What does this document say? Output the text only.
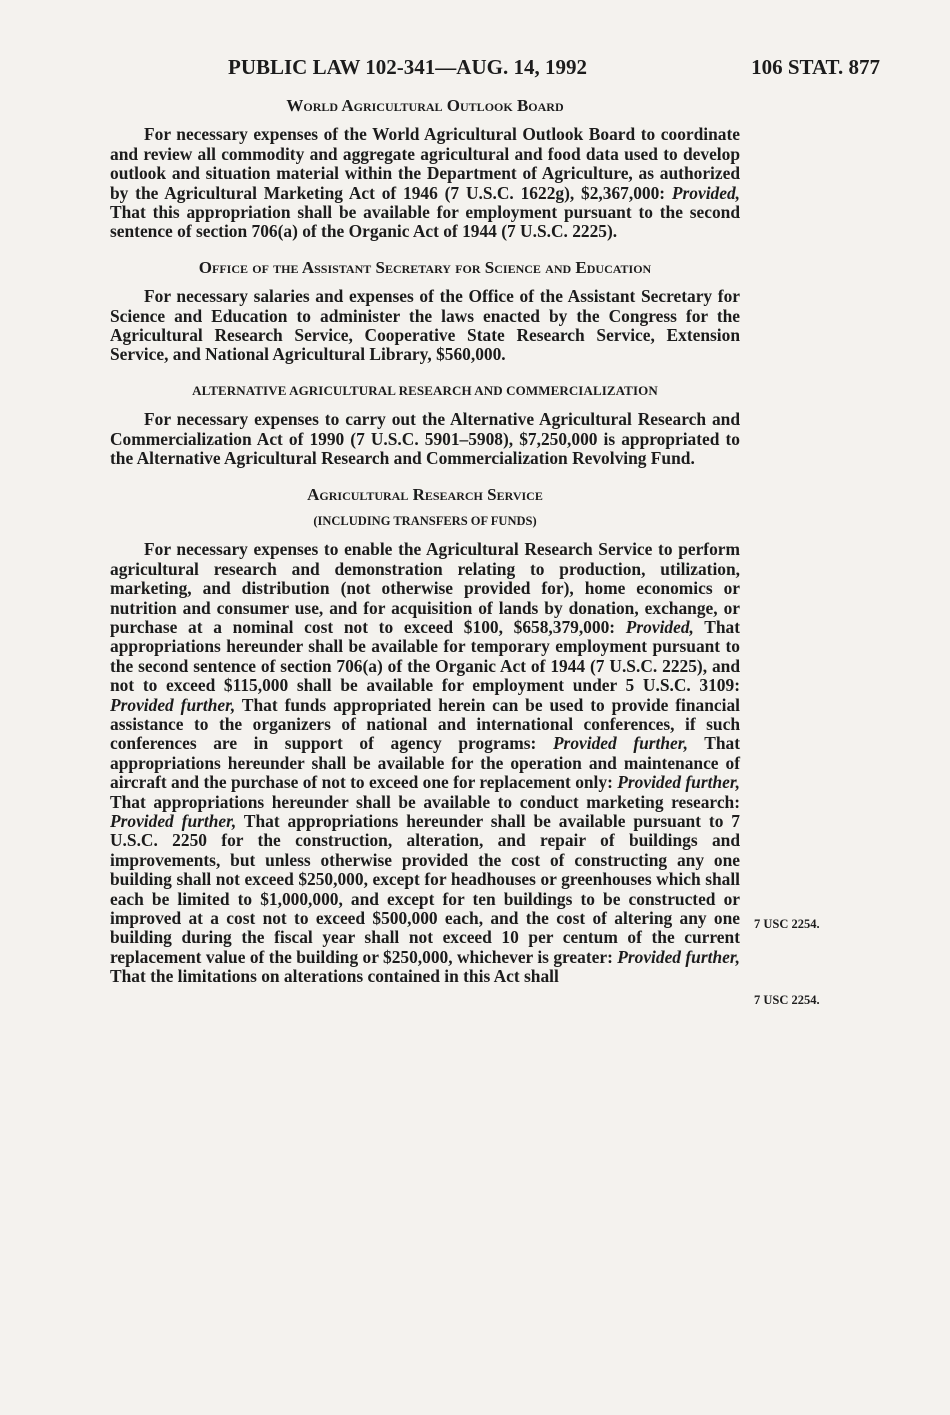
PUBLIC LAW 102-341—AUG. 14, 1992	106 STAT. 877
World Agricultural Outlook Board

For necessary expenses of the World Agricultural Outlook Board to coordinate and review all commodity and aggregate agricultural and food data used to develop outlook and situation material within the Department of Agriculture, as authorized by the Agricultural Marketing Act of 1946 (7 U.S.C. 1622g), $2,367,000: Provided, That this appropriation shall be available for employment pursuant to the second sentence of section 706(a) of the Organic Act of 1944 (7 U.S.C. 2225).

Office of the Assistant Secretary for Science and Education

For necessary salaries and expenses of the Office of the Assistant Secretary for Science and Education to administer the laws enacted by the Congress for the Agricultural Research Service, Cooperative State Research Service, Extension Service, and National Agricultural Library, $560,000.

ALTERNATIVE AGRICULTURAL RESEARCH AND COMMERCIALIZATION

For necessary expenses to carry out the Alternative Agricultural Research and Commercialization Act of 1990 (7 U.S.C. 5901–5908), $7,250,000 is appropriated to the Alternative Agricultural Research and Commercialization Revolving Fund.

Agricultural Research Service
(INCLUDING TRANSFERS OF FUNDS)

For necessary expenses to enable the Agricultural Research Service to perform agricultural research and demonstration relating to production, utilization, marketing, and distribution (not otherwise provided for), home economics or nutrition and consumer use, and for acquisition of lands by donation, exchange, or purchase at a nominal cost not to exceed $100, $658,379,000: Provided, That appropriations hereunder shall be available for temporary employment pursuant to the second sentence of section 706(a) of the Organic Act of 1944 (7 U.S.C. 2225), and not to exceed $115,000 shall be available for employment under 5 U.S.C. 3109: Provided further, That funds appropriated herein can be used to provide financial assistance to the organizers of national and international conferences, if such conferences are in support of agency programs: Provided further, That appropriations hereunder shall be available for the operation and maintenance of aircraft and the purchase of not to exceed one for replacement only: Provided further, That appropriations hereunder shall be available to conduct marketing research: Provided further, That appropriations hereunder shall be available pursuant to 7 U.S.C. 2250 for the construction, alteration, and repair of buildings and improvements, but unless otherwise provided the cost of constructing any one building shall not exceed $250,000, except for headhouses or greenhouses which shall each be limited to $1,000,000, and except for ten buildings to be constructed or improved at a cost not to exceed $500,000 each, and the cost of altering any one building during the fiscal year shall not exceed 10 per centum of the current replacement value of the building or $250,000, whichever is greater: Provided further, That the limitations on alterations contained in this Act shall

7 USC 2254.
7 USC 2254.
